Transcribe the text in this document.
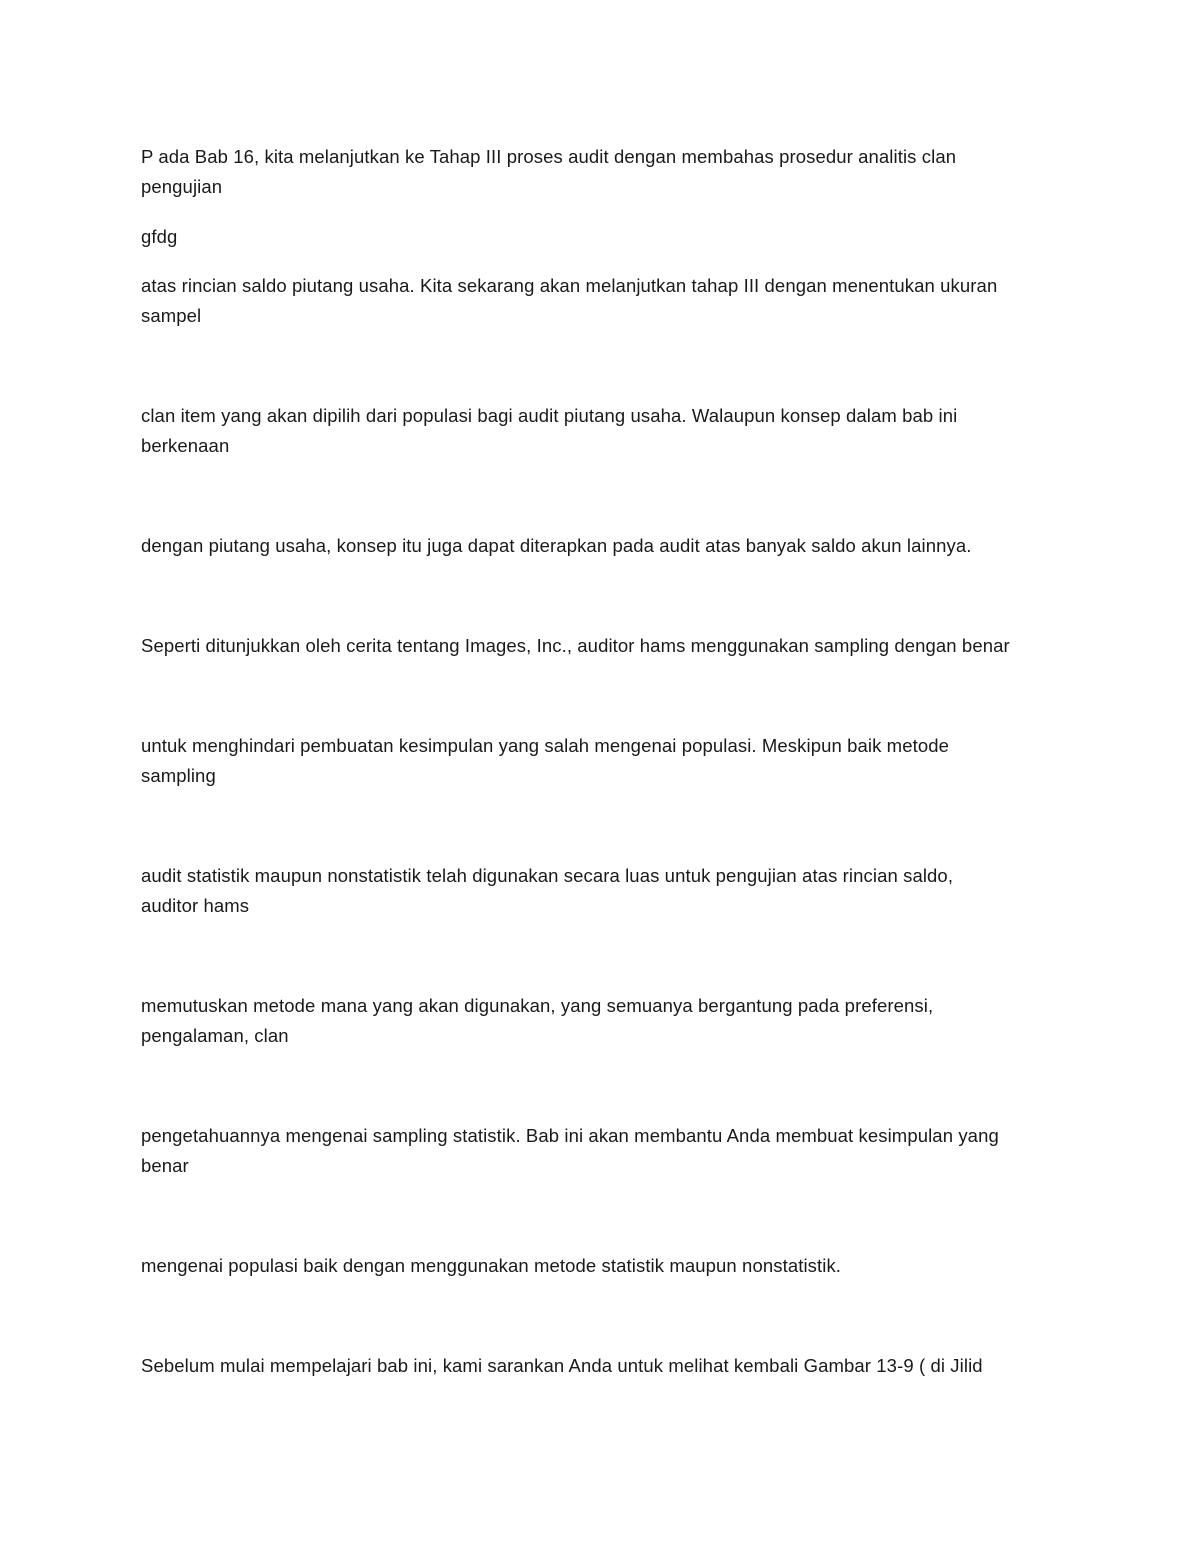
P ada Bab 16, kita melanjutkan ke Tahap III proses audit dengan membahas prosedur analitis clan
pengujian

gfdg

atas rincian saldo piutang usaha. Kita sekarang akan melanjutkan tahap III dengan menentukan ukuran
sampel

clan item yang akan dipilih dari populasi bagi audit piutang usaha. Walaupun konsep dalam bab ini
berkenaan

dengan piutang usaha, konsep itu juga dapat diterapkan pada audit atas banyak saldo akun lainnya.

Seperti ditunjukkan oleh cerita tentang Images, Inc., auditor hams menggunakan sampling dengan benar

untuk menghindari pembuatan kesimpulan yang salah mengenai populasi. Meskipun baik metode
sampling

audit statistik maupun nonstatistik telah digunakan secara luas untuk pengujian atas rincian saldo,
auditor hams

memutuskan metode mana yang akan digunakan, yang semuanya bergantung pada preferensi,
pengalaman, clan

pengetahuannya mengenai sampling statistik. Bab ini akan membantu Anda membuat kesimpulan yang
benar

mengenai populasi baik dengan menggunakan metode statistik maupun nonstatistik.

Sebelum mulai mempelajari bab ini, kami sarankan Anda untuk melihat kembali Gambar 13-9 ( di Jilid
